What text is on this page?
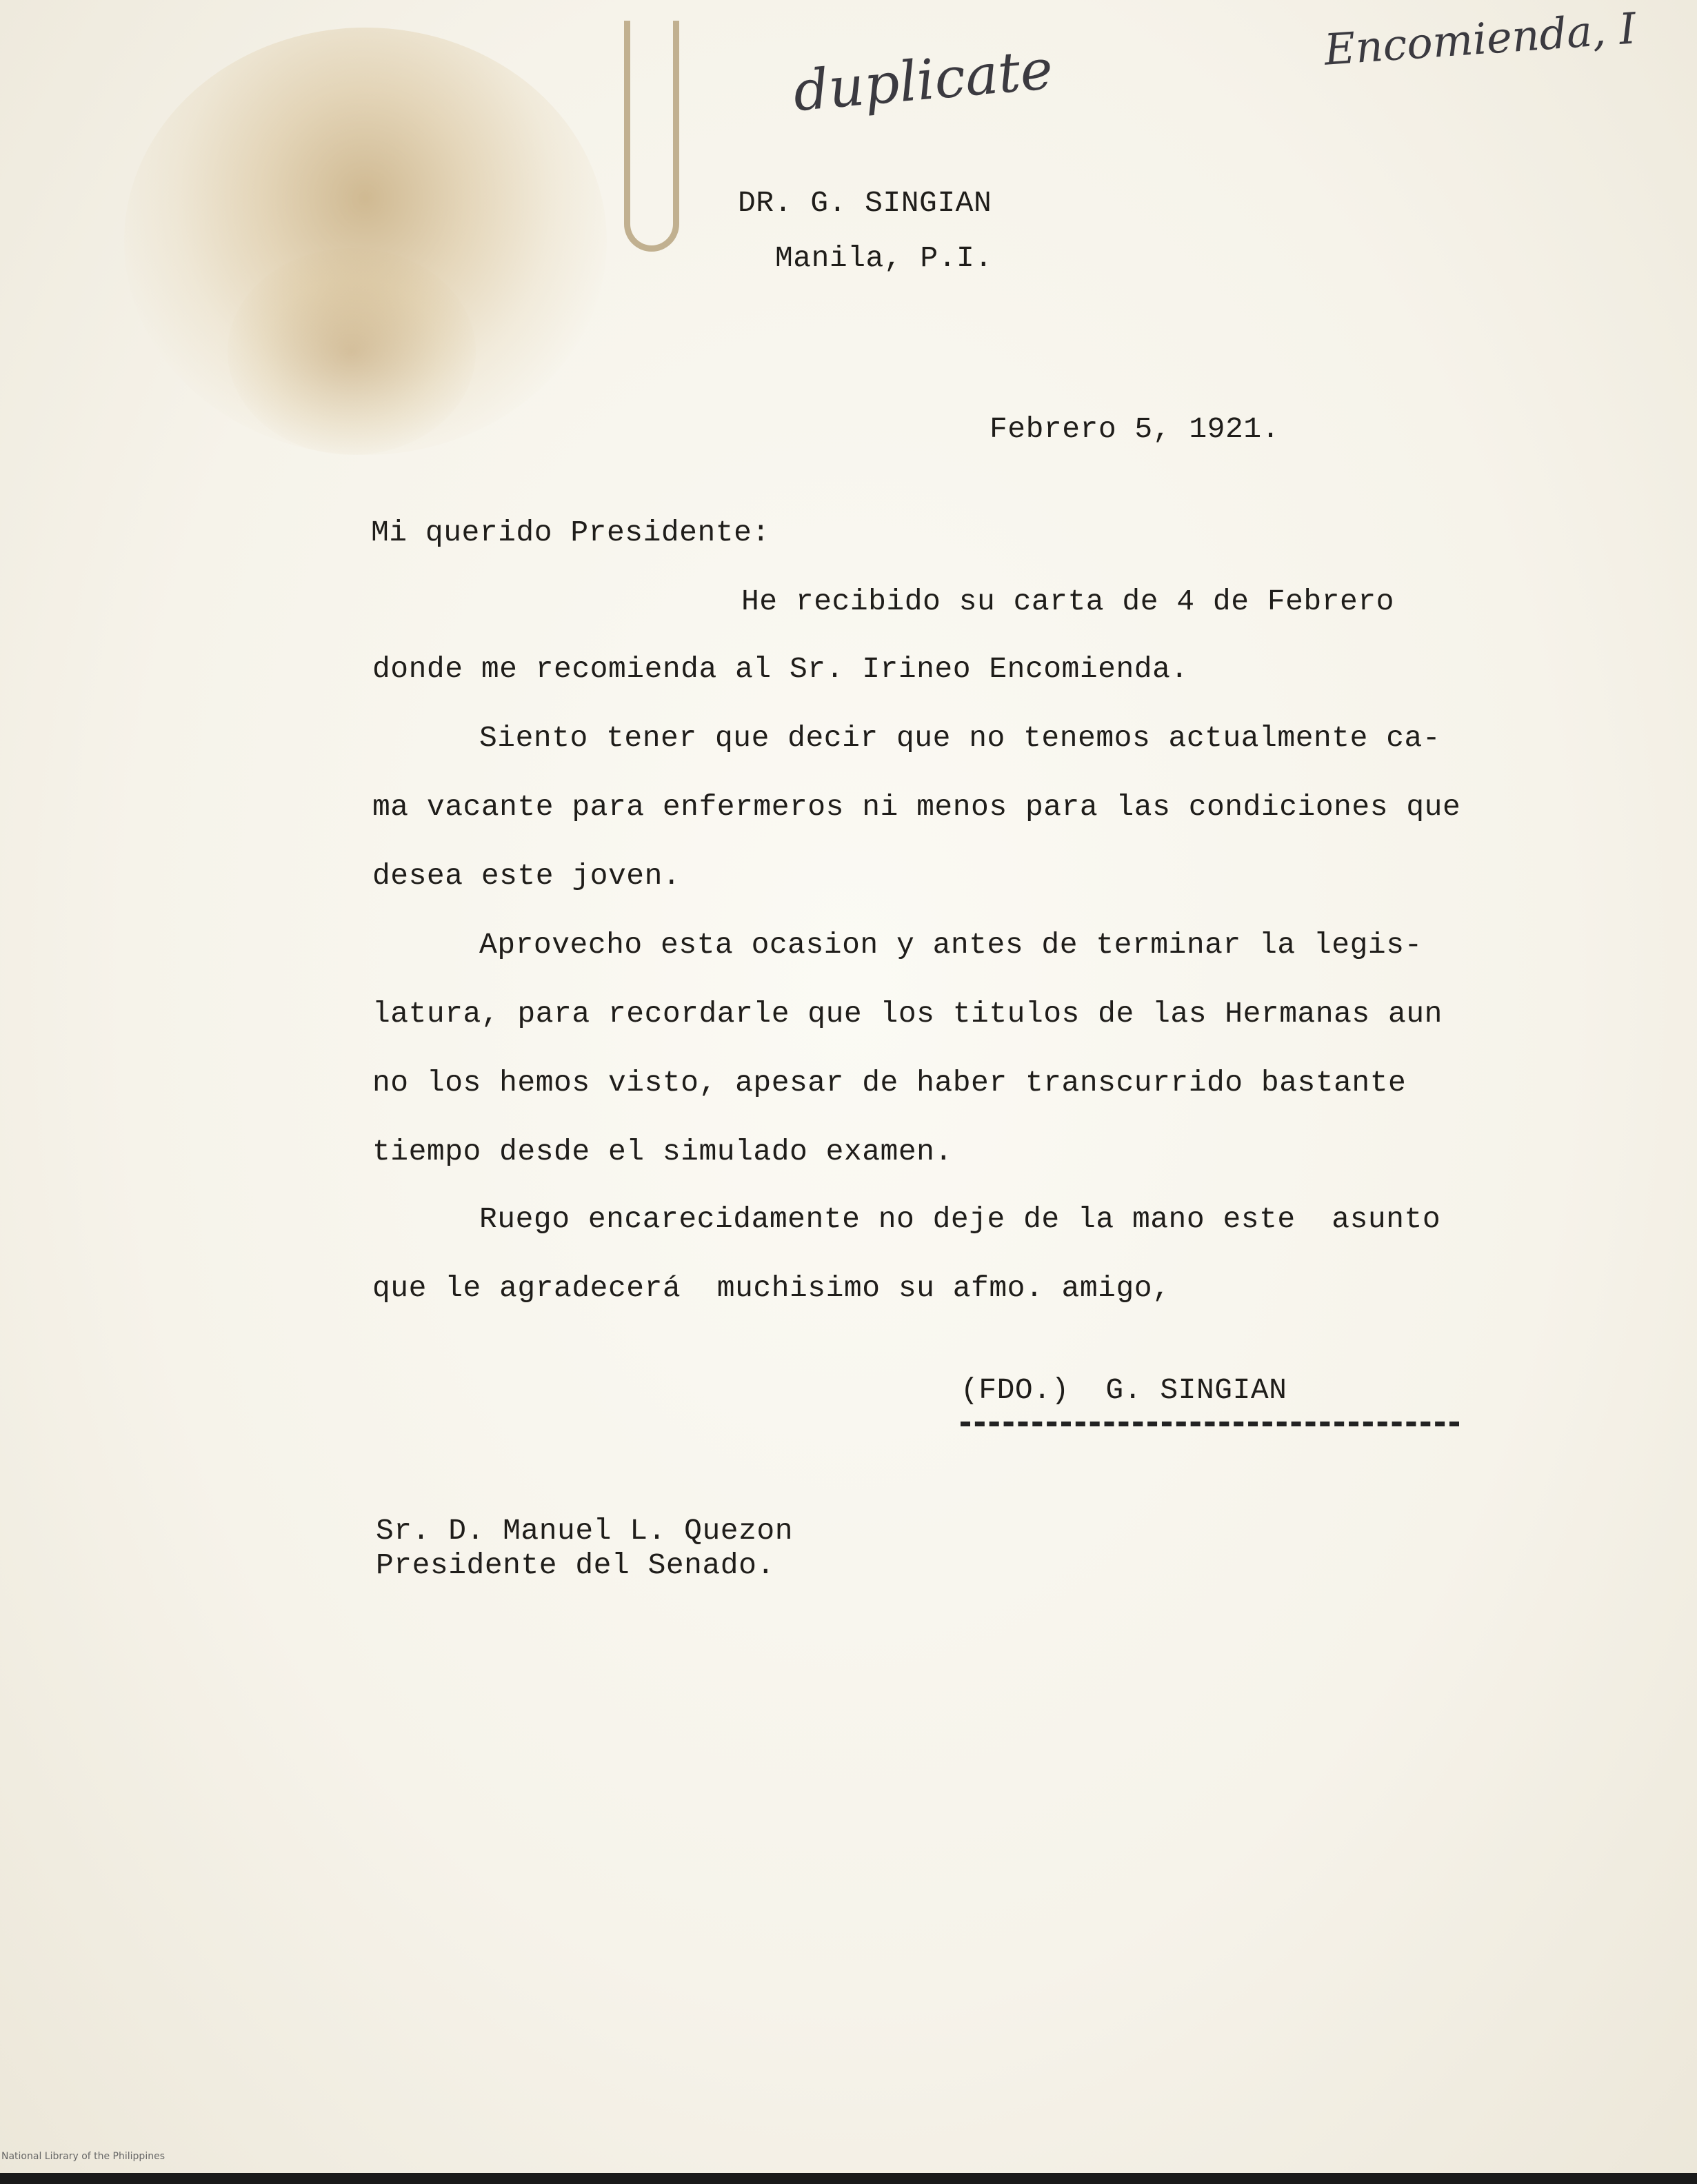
duplicate	Encomienda, I

DR. G. SINGIAN

Manila, P.I.

Febrero 5, 1921.

Mi querido Presidente:

He recibido su carta de 4 de Febrero

donde me recomienda al Sr. Irineo Encomienda.

Siento tener que decir que no tenemos actualmente ca-

ma vacante para enfermeros ni menos para las condiciones que

desea este joven.

Aprovecho esta ocasion y antes de terminar la legis-

latura, para recordarle que los titulos de las Hermanas aun

no los hemos visto, apesar de haber transcurrido bastante

tiempo desde el simulado examen.

Ruego encarecidamente no deje de la mano este  asunto

que le agradecerá  muchisimo su afmo. amigo,

(FDO.)  G. SINGIAN

Sr. D. Manuel L. Quezon

Presidente del Senado.

National Library of the Philippines
